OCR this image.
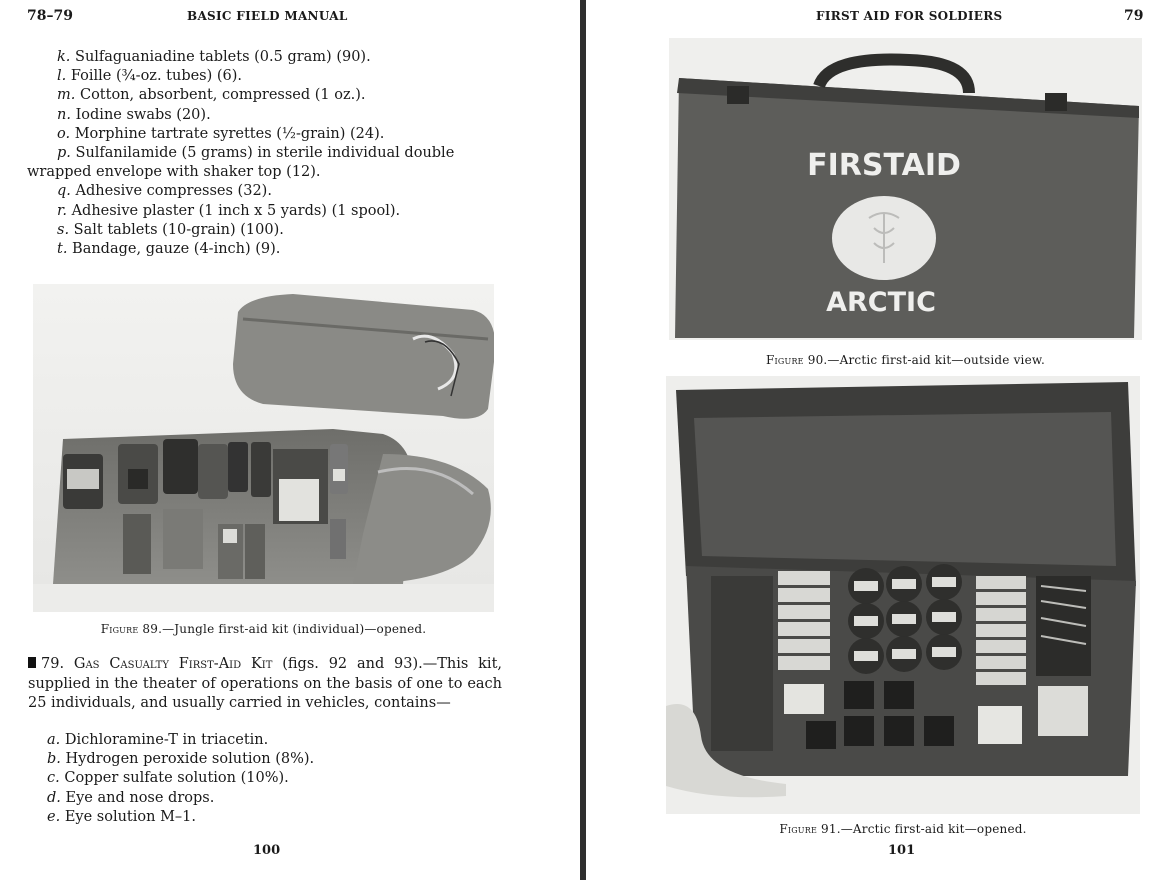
78–79	BASIC FIELD MANUAL
k. Sulfaguaniadine tablets (0.5 gram) (90).
l. Foille (¾-oz. tubes) (6).
m. Cotton, absorbent, compressed (1 oz.).
n. Iodine swabs (20).
o. Morphine tartrate syrettes (½-grain) (24).
p. Sulfanilamide (5 grams) in sterile individual double
wrapped envelope with shaker top (12).
q. Adhesive compresses (32).
r. Adhesive plaster (1 inch x 5 yards) (1 spool).
s. Salt tablets (10-grain) (100).
t. Bandage, gauze (4-inch) (9).
Figure 89.—Jungle first-aid kit (individual)—opened.

79. Gas Casualty First-Aid Kit (figs. 92 and 93).—This kit, supplied in the theater of operations on the basis of one to each 25 individuals, and usually carried in vehicles, contains—

a. Dichloramine-T in triacetin.
b. Hydrogen peroxide solution (8%).
c. Copper sulfate solution (10%).
d. Eye and nose drops.
e. Eye solution M–1.
100
FIRST AID FOR SOLDIERS	79
FIRSTAID
ARCTIC
Figure 90.—Arctic first-aid kit—outside view.
Figure 91.—Arctic first-aid kit—opened.
101
